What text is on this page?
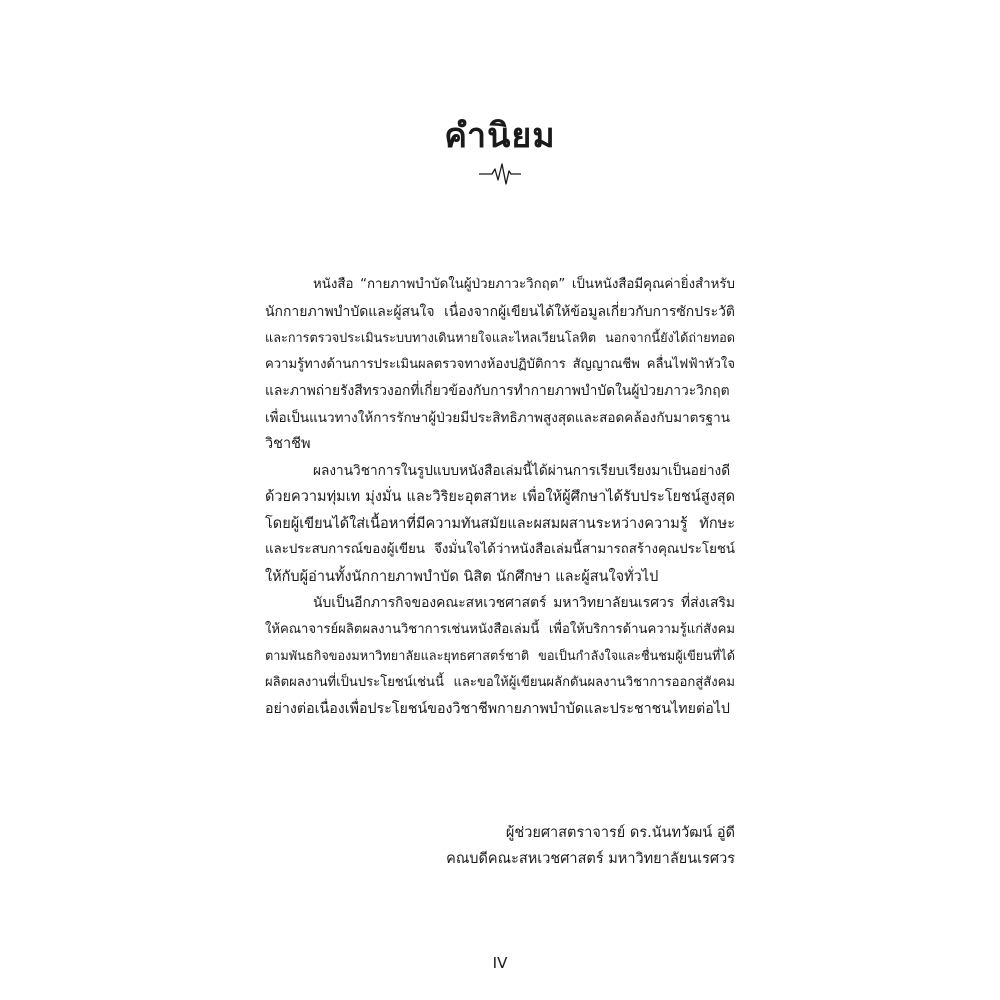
คำนิยม
หนังสือ “กายภาพบำบัดในผู้ป่วยภาวะวิกฤต” เป็นหนังสือมีคุณค่ายิ่งสำหรับ
นักกายภาพบำบัดและผู้สนใจ เนื่องจากผู้เขียนได้ให้ข้อมูลเกี่ยวกับการซักประวัติ
และการตรวจประเมินระบบทางเดินหายใจและไหลเวียนโลหิต นอกจากนี้ยังได้ถ่ายทอด
ความรู้ทางด้านการประเมินผลตรวจทางห้องปฏิบัติการ สัญญาณชีพ คลื่นไฟฟ้าหัวใจ
และภาพถ่ายรังสีทรวงอกที่เกี่ยวข้องกับการทำกายภาพบำบัดในผู้ป่วยภาวะวิกฤต
เพื่อเป็นแนวทางให้การรักษาผู้ป่วยมีประสิทธิภาพสูงสุดและสอดคล้องกับมาตรฐาน
วิชาชีพ
ผลงานวิชาการในรูปแบบหนังสือเล่มนี้ได้ผ่านการเรียบเรียงมาเป็นอย่างดี
ด้วยความทุ่มเท มุ่งมั่น และวิริยะอุตสาหะ เพื่อให้ผู้ศึกษาได้รับประโยชน์สูงสุด
โดยผู้เขียนได้ใส่เนื้อหาที่มีความทันสมัยและผสมผสานระหว่างความรู้ ทักษะ
และประสบการณ์ของผู้เขียน จึงมั่นใจได้ว่าหนังสือเล่มนี้สามารถสร้างคุณประโยชน์
ให้กับผู้อ่านทั้งนักกายภาพบำบัด นิสิต นักศึกษา และผู้สนใจทั่วไป
นับเป็นอีกภารกิจของคณะสหเวชศาสตร์ มหาวิทยาลัยนเรศวร ที่ส่งเสริม
ให้คณาจารย์ผลิตผลงานวิชาการเช่นหนังสือเล่มนี้ เพื่อให้บริการด้านความรู้แก่สังคม
ตามพันธกิจของมหาวิทยาลัยและยุทธศาสตร์ชาติ ขอเป็นกำลังใจและชื่นชมผู้เขียนที่ได้
ผลิตผลงานที่เป็นประโยชน์เช่นนี้ และขอให้ผู้เขียนผลักดันผลงานวิชาการออกสู่สังคม
อย่างต่อเนื่องเพื่อประโยชน์ของวิชาชีพกายภาพบำบัดและประชาชนไทยต่อไป
ผู้ช่วยศาสตราจารย์ ดร.นันทวัฒน์ อู่ดี
คณบดีคณะสหเวชศาสตร์ มหาวิทยาลัยนเรศวร
IV
